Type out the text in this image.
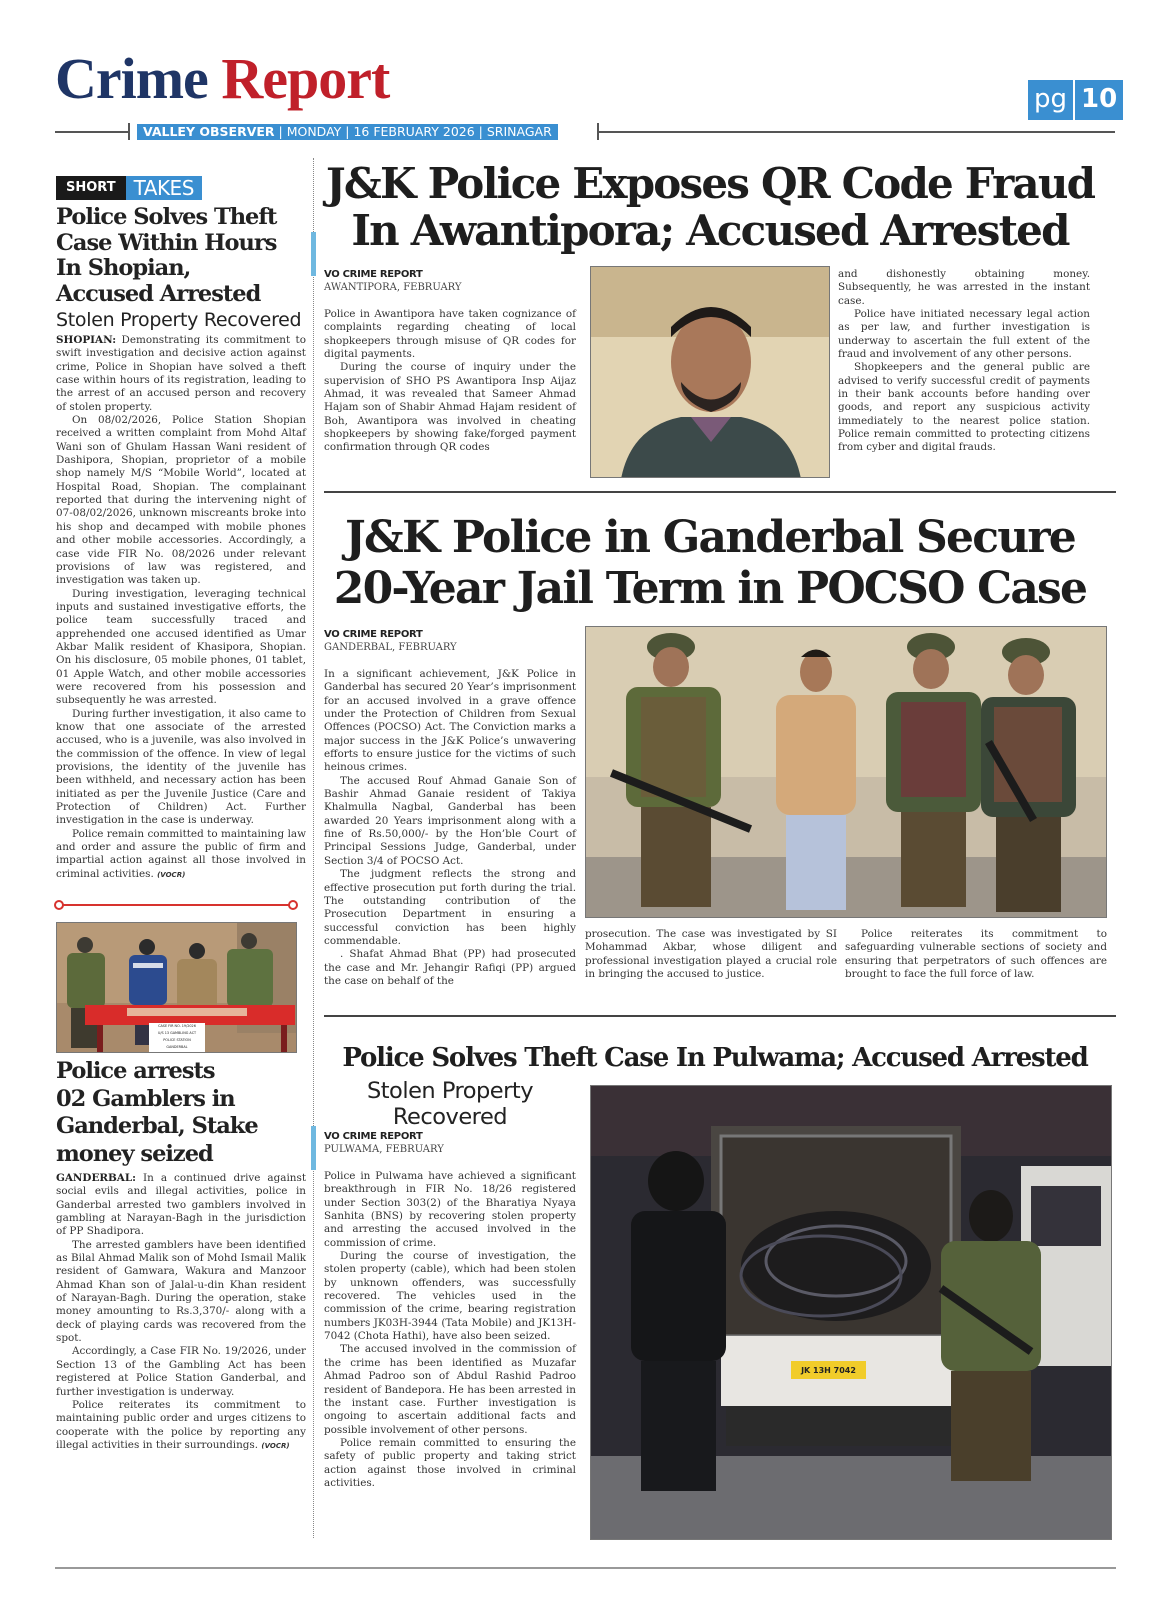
Crime Report	pg 10
VALLEY OBSERVER | MONDAY | 16 FEBRUARY 2026 | SRINAGAR
SHORT TAKES
Police Solves Theft
Case Within Hours
In Shopian,
Accused Arrested
Stolen Property Recovered

SHOPIAN: Demonstrating its commitment to swift investigation and decisive action against crime, Police in Shopian have solved a theft case within hours of its registration, leading to the arrest of an accused person and recovery of stolen property.

On 08/02/2026, Police Station Shopian received a written complaint from Mohd Altaf Wani son of Ghulam Hassan Wani resident of Dashipora, Shopian, proprietor of a mobile shop namely M/S “Mobile World”, located at Hospital Road, Shopian. The complainant reported that during the intervening night of 07-08/02/2026, unknown miscreants broke into his shop and decamped with mobile phones and other mobile accessories. Accordingly, a case vide FIR No. 08/2026 under relevant provisions of law was registered, and investigation was taken up.

During investigation, leveraging technical inputs and sustained investigative efforts, the police team successfully traced and apprehended one accused identified as Umar Akbar Malik resident of Khasipora, Shopian. On his disclosure, 05 mobile phones, 01 tablet, 01 Apple Watch, and other mobile accessories were recovered from his possession and subsequently he was arrested.

During further investigation, it also came to know that one associate of the arrested accused, who is a juvenile, was also involved in the commission of the offence. In view of legal provisions, the identity of the juvenile has been withheld, and necessary action has been initiated as per the Juvenile Justice (Care and Protection of Children) Act. Further investigation in the case is underway.

Police remain committed to maintaining law and order and assure the public of firm and impartial action against all those involved in criminal activities. (VOCR)

CASE FIR NO. 19/2026
U/S 13 GAMBLING ACT
POLICE STATION
GANDERBAL
Police arrests
02 Gamblers in
Ganderbal, Stake
money seized

GANDERBAL: In a continued drive against social evils and illegal activities, police in Ganderbal arrested two gamblers involved in gambling at Narayan-Bagh in the jurisdiction of PP Shadipora.

The arrested gamblers have been identified as Bilal Ahmad Malik son of Mohd Ismail Malik resident of Gamwara, Wakura and Manzoor Ahmad Khan son of Jalal-u-din Khan resident of Narayan-Bagh. During the operation, stake money amounting to Rs.3,370/- along with a deck of playing cards was recovered from the spot.

Accordingly, a Case FIR No. 19/2026, under Section 13 of the Gambling Act has been registered at Police Station Ganderbal, and further investigation is underway.

Police reiterates its commitment to maintaining public order and urges citizens to cooperate with the police by reporting any illegal activities in their surroundings. (VOCR)

J&K Police Exposes QR Code Fraud
In Awantipora; Accused Arrested
VO CRIME REPORT
AWANTIPORA, FEBRUARY

Police in Awantipora have taken cognizance of complaints regarding cheating of local shopkeepers through misuse of QR codes for digital payments.

During the course of inquiry under the supervision of SHO PS Awantipora Insp Aijaz Ahmad, it was revealed that Sameer Ahmad Hajam son of Shabir Ahmad Hajam resident of Boh, Awantipora was involved in cheating shopkeepers by showing fake/forged payment confirmation through QR codes

and dishonestly obtaining money. Subsequently, he was arrested in the instant case.

Police have initiated necessary legal action as per law, and further investigation is underway to ascertain the full extent of the fraud and involvement of any other persons.

Shopkeepers and the general public are advised to verify successful credit of payments in their bank accounts before handing over goods, and report any suspicious activity immediately to the nearest police station. Police remain committed to protecting citizens from cyber and digital frauds.

J&K Police in Ganderbal Secure
20-Year Jail Term in POCSO Case
VO CRIME REPORT
GANDERBAL, FEBRUARY

In a significant achievement, J&K Police in Ganderbal has secured 20 Year’s imprisonment for an accused involved in a grave offence under the Protection of Children from Sexual Offences (POCSO) Act. The Conviction marks a major success in the J&K Police’s unwavering efforts to ensure justice for the victims of such heinous crimes.

The accused Rouf Ahmad Ganaie Son of Bashir Ahmad Ganaie resident of Takiya Khalmulla Nagbal, Ganderbal has been awarded 20 Years imprisonment along with a fine of Rs.50,000/- by the Hon’ble Court of Principal Sessions Judge, Ganderbal, under Section 3/4 of POCSO Act.

The judgment reflects the strong and effective prosecution put forth during the trial. The outstanding contribution of the Prosecution Department in ensuring a successful conviction has been highly commendable.

. Shafat Ahmad Bhat (PP) had prosecuted the case and Mr. Jehangir Rafiqi (PP) argued the case on behalf of the

prosecution. The case was investigated by SI Mohammad Akbar, whose diligent and professional investigation played a crucial role in bringing the accused to justice.

Police reiterates its commitment to safeguarding vulnerable sections of society and ensuring that perpetrators of such offences are brought to face the full force of law.

Police Solves Theft Case In Pulwama; Accused Arrested
Stolen Property
Recovered
VO CRIME REPORT
PULWAMA, FEBRUARY

Police in Pulwama have achieved a significant breakthrough in FIR No. 18/26 registered under Section 303(2) of the Bharatiya Nyaya Sanhita (BNS) by recovering stolen property and arresting the accused involved in the commission of crime.

During the course of investigation, the stolen property (cable), which had been stolen by unknown offenders, was successfully recovered. The vehicles used in the commission of the crime, bearing registration numbers JK03H-3944 (Tata Mobile) and JK13H-7042 (Chota Hathi), have also been seized.

The accused involved in the commission of the crime has been identified as Muzafar Ahmad Padroo son of Abdul Rashid Padroo resident of Bandepora. He has been arrested in the instant case. Further investigation is ongoing to ascertain additional facts and possible involvement of other persons.

Police remain committed to ensuring the safety of public property and taking strict action against those involved in criminal activities.

JK 13H 7042
